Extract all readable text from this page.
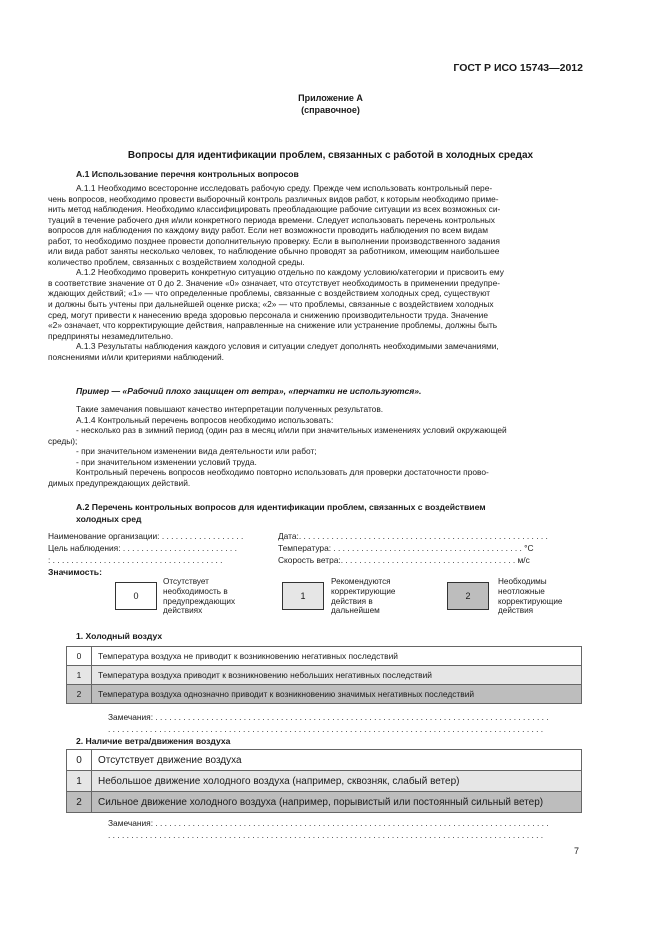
ГОСТ Р ИСО 15743—2012
Приложение А
(справочное)
Вопросы для идентификации проблем, связанных с работой в холодных средах
А.1 Использование перечня контрольных вопросов

А.1.1 Необходимо всесторонне исследовать рабочую среду. Прежде чем использовать контрольный пере-

чень вопросов, необходимо провести выборочный контроль различных видов работ, к которым необходимо приме-

нить метод наблюдения. Необходимо классифицировать преобладающие рабочие ситуации из всех возможных си-

туаций в течение рабочего дня и/или конкретного периода времени. Следует использовать перечень контрольных

вопросов для наблюдения по каждому виду работ. Если нет возможности проводить наблюдения по всем видам

работ, то необходимо позднее провести дополнительную проверку. Если в выполнении производственного задания

или вида работ заняты несколько человек, то наблюдение обычно проводят за работником, имеющим наибольшее

количество проблем, связанных с воздействием холодной среды.

А.1.2 Необходимо проверить конкретную ситуацию отдельно по каждому условию/категории и присвоить ему

в соответствие значение от 0 до 2. Значение «0» означает, что отсутствует необходимость в применении предупре-

ждающих действий; «1» — что определенные проблемы, связанные с воздействием холодных сред, существуют

и должны быть учтены при дальнейшей оценке риска; «2» — что проблемы, связанные с воздействием холодных

сред, могут привести к нанесению вреда здоровью персонала и снижению производительности труда. Значение

«2» означает, что корректирующие действия, направленные на снижение или устранение проблемы, должны быть

предприняты незамедлительно.

А.1.3 Результаты наблюдения каждого условия и ситуации следует дополнять необходимыми замечаниями,

пояснениями и/или критериями наблюдений.

Пример — «Рабочий плохо защищен от ветра», «перчатки не используются».

Такие замечания повышают качество интерпретации полученных результатов.

А.1.4 Контрольный перечень вопросов необходимо использовать:

- несколько раз в зимний период (один раз в месяц и/или при значительных изменениях условий окружающей

среды);

- при значительном изменении вида деятельности или работ;

- при значительном изменении условий труда.

Контрольный перечень вопросов необходимо повторно использовать для проверки достаточности прово-

димых предупреждающих действий.

А.2 Перечень контрольных вопросов для идентификации проблем, связанных с воздействием
холодных сред
Наименование организации: . . . . . . . . . . . . . . . . . .	Дата:. . . . . . . . . . . . . . . . . . . . . . . . . . . . . . . . . . . . . . . . . . . . . . . . . . . . . .
Цель наблюдения: . . . . . . . . . . . . . . . . . . . . . . . . .	Температура: . . . . . . . . . . . . . . . . . . . . . . . . . . . . . . . . . . . . . . . . . °C
: . . . . . . . . . . . . . . . . . . . . . . . . . . . . . . . . . . . . .	Скорость ветра:. . . . . . . . . . . . . . . . . . . . . . . . . . . . . . . . . . . . . . м/с
Значимость:
0
Отсутствует необходимость в предупреждающих действиях
1
Рекомендуются корректирующие действия в дальнейшем
2
Необходимы неотложные корректирующие действия
1. Холодный воздух
0	Температура воздуха не приводит к возникновению негативных последствий
1	Температура воздуха приводит к возникновению небольших негативных последствий
2	Температура воздуха однозначно приводит к возникновению значимых негативных последствий
Замечания: . . . . . . . . . . . . . . . . . . . . . . . . . . . . . . . . . . . . . . . . . . . . . . . . . . . . . . . . . . . . . . . . . . . . . . . . . . . . . . . . . . . . .
. . . . . . . . . . . . . . . . . . . . . . . . . . . . . . . . . . . . . . . . . . . . . . . . . . . . . . . . . . . . . . . . . . . . . . . . . . . . . . . . . . . . . . . . . . . . . .
2. Наличие ветра/движения воздуха
0	Отсутствует движение воздуха
1	Небольшое движение холодного воздуха (например, сквозняк, слабый ветер)
2	Сильное движение холодного воздуха (например, порывистый или постоянный сильный ветер)
Замечания: . . . . . . . . . . . . . . . . . . . . . . . . . . . . . . . . . . . . . . . . . . . . . . . . . . . . . . . . . . . . . . . . . . . . . . . . . . . . . . . . . . . . .
. . . . . . . . . . . . . . . . . . . . . . . . . . . . . . . . . . . . . . . . . . . . . . . . . . . . . . . . . . . . . . . . . . . . . . . . . . . . . . . . . . . . . . . . . . . . . .
7
